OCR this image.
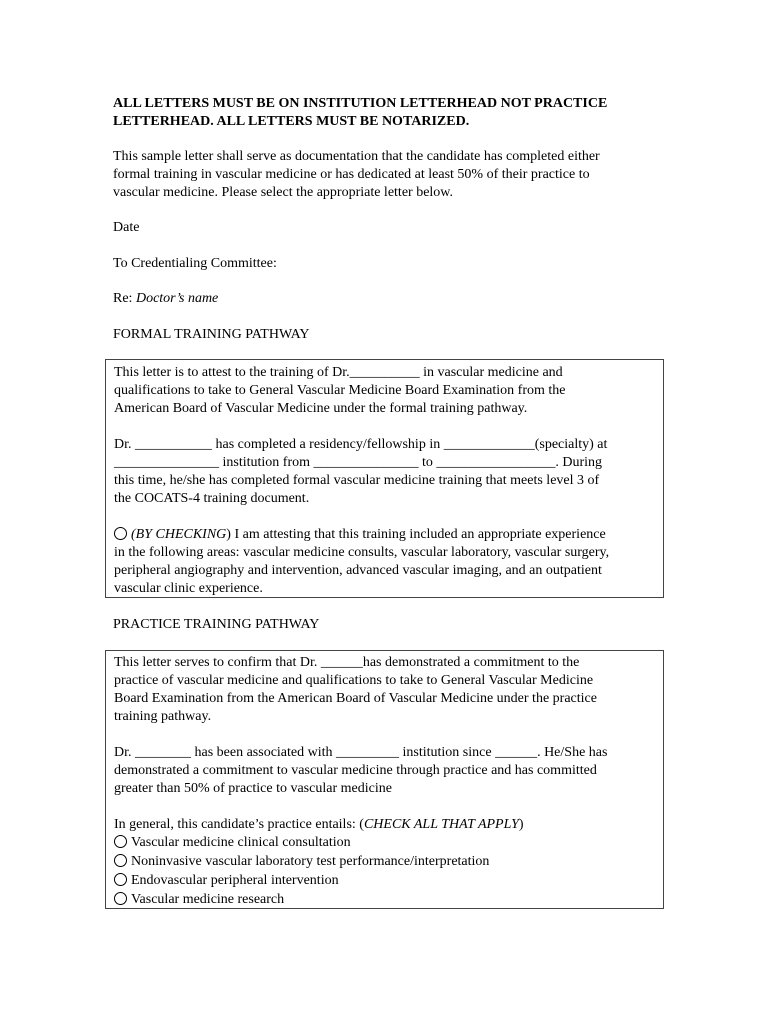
ALL LETTERS MUST BE ON INSTITUTION LETTERHEAD NOT PRACTICE
LETTERHEAD. ALL LETTERS MUST BE NOTARIZED.
This sample letter shall serve as documentation that the candidate has completed either
formal training in vascular medicine or has dedicated at least 50% of their practice to
vascular medicine. Please select the appropriate letter below.
Date
To Credentialing Committee:
Re: Doctor’s name
FORMAL TRAINING PATHWAY
This letter is to attest to the training of Dr.__________ in vascular medicine and
qualifications to take to General Vascular Medicine Board Examination from the
American Board of Vascular Medicine under the formal training pathway.
Dr. ___________ has completed a residency/fellowship in _____________(specialty) at
_______________ institution from _______________ to _________________. During
this time, he/she has completed formal vascular medicine training that meets level 3 of
the COCATS-4 training document.
(BY CHECKING) I am attesting that this training included an appropriate experience
in the following areas: vascular medicine consults, vascular laboratory, vascular surgery,
peripheral angiography and intervention, advanced vascular imaging, and an outpatient
vascular clinic experience.
PRACTICE TRAINING PATHWAY
This letter serves to confirm that Dr. ______has demonstrated a commitment to the
practice of vascular medicine and qualifications to take to General Vascular Medicine
Board Examination from the American Board of Vascular Medicine under the practice
training pathway.
Dr. ________ has been associated with _________ institution since ______. He/She has
demonstrated a commitment to vascular medicine through practice and has committed
greater than 50% of practice to vascular medicine
In general, this candidate’s practice entails: (CHECK ALL THAT APPLY)
Vascular medicine clinical consultation
Noninvasive vascular laboratory test performance/interpretation
Endovascular peripheral intervention
Vascular medicine research
